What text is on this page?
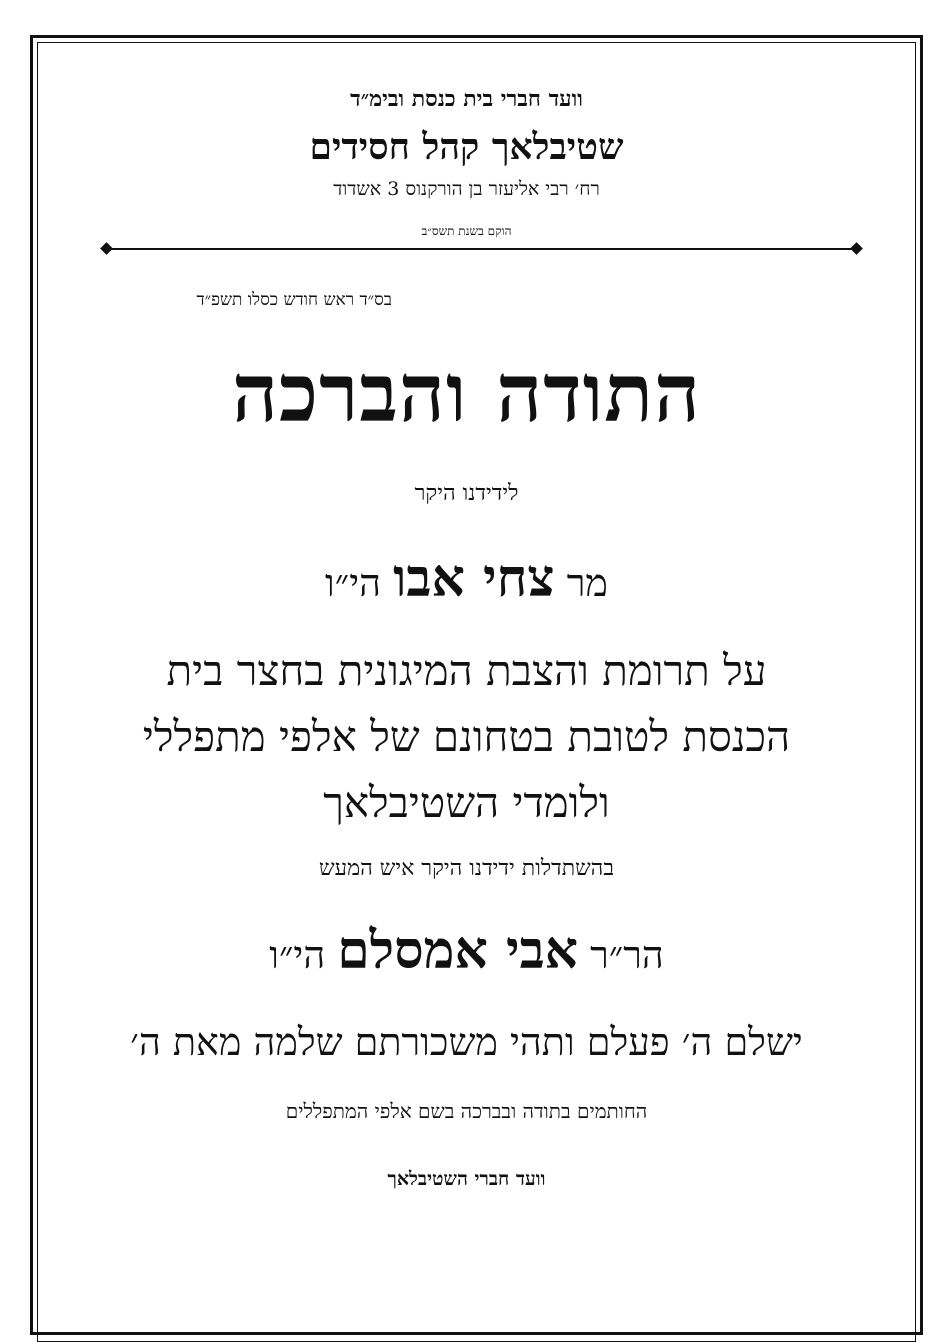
וועד חברי בית כנסת ובימ״ד
שטיבלאך קהל חסידים
רח׳ רבי אליעזר בן הורקנוס 3 אשדוד
הוקם בשנת תשס״ב
בס״ד ראש חודש כסלו תשפ״ד
התודה והברכה
לידידנו היקר
מר צחי אבו הי״ו
על תרומת והצבת המיגונית בחצר בית
הכנסת לטובת בטחונם של אלפי מתפללי
ולומדי השטיבלאך
בהשתדלות ידידנו היקר איש המעש
הר״ר אבי אמסלם הי״ו
ישלם ה׳ פעלם ותהי משכורתם שלמה מאת ה׳
החותמים בתודה ובברכה בשם אלפי המתפללים
וועד חברי השטיבלאך
